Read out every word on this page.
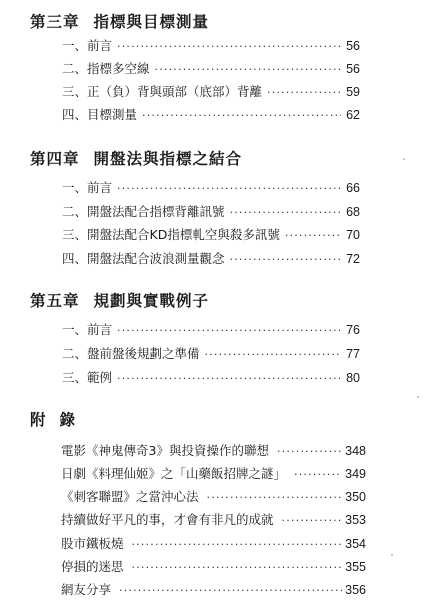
第三章 指標與目標測量
一、前言 ·····	56
二、指標多空線 ·····	56
三、正（負）背與頭部（底部）背離 ·····	59
四、目標測量 ·····	62
第四章 開盤法與指標之結合
一、前言 ·····	66
二、開盤法配合指標背離訊號 ·····	68
三、開盤法配合KD指標軋空與殺多訊號 ·····	70
四、開盤法配合波浪測量觀念 ·····	72
第五章 規劃與實戰例子
一、前言 ·····	76
二、盤前盤後規劃之準備 ·····	77
三、範例 ·····	80
附錄
電影《神鬼傳奇3》與投資操作的聯想 ·····	348
日劇《料理仙姬》之「山藥飯招牌之謎」 ·····	349
《刺客聯盟》之當沖心法 ·····	350
持續做好平凡的事，才會有非凡的成就 ·····	353
股市鐵板燒 ·····	354
停損的迷思 ·····	355
網友分享 ·····	356
